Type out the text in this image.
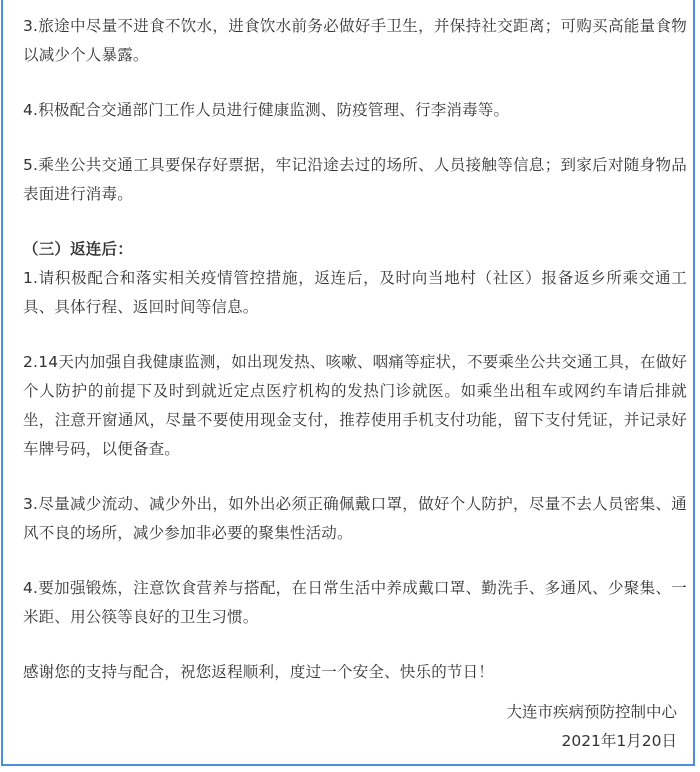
3.旅途中尽量不进食不饮水，进食饮水前务必做好手卫生，并保持社交距离；可购买高能量食物以减少个人暴露。

4.积极配合交通部门工作人员进行健康监测、防疫管理、行李消毒等。

5.乘坐公共交通工具要保存好票据，牢记沿途去过的场所、人员接触等信息；到家后对随身物品表面进行消毒。

（三）返连后：

1.请积极配合和落实相关疫情管控措施，返连后，及时向当地村（社区）报备返乡所乘交通工具、具体行程、返回时间等信息。

2.14天内加强自我健康监测，如出现发热、咳嗽、咽痛等症状，不要乘坐公共交通工具，在做好个人防护的前提下及时到就近定点医疗机构的发热门诊就医。如乘坐出租车或网约车请后排就坐，注意开窗通风，尽量不要使用现金支付，推荐使用手机支付功能，留下支付凭证，并记录好车牌号码，以便备查。

3.尽量减少流动、减少外出，如外出必须正确佩戴口罩，做好个人防护，尽量不去人员密集、通风不良的场所，减少参加非必要的聚集性活动。

4.要加强锻炼，注意饮食营养与搭配，在日常生活中养成戴口罩、勤洗手、多通风、少聚集、一米距、用公筷等良好的卫生习惯。

感谢您的支持与配合，祝您返程顺利，度过一个安全、快乐的节日！

大连市疾病预防控制中心
2021年1月20日
